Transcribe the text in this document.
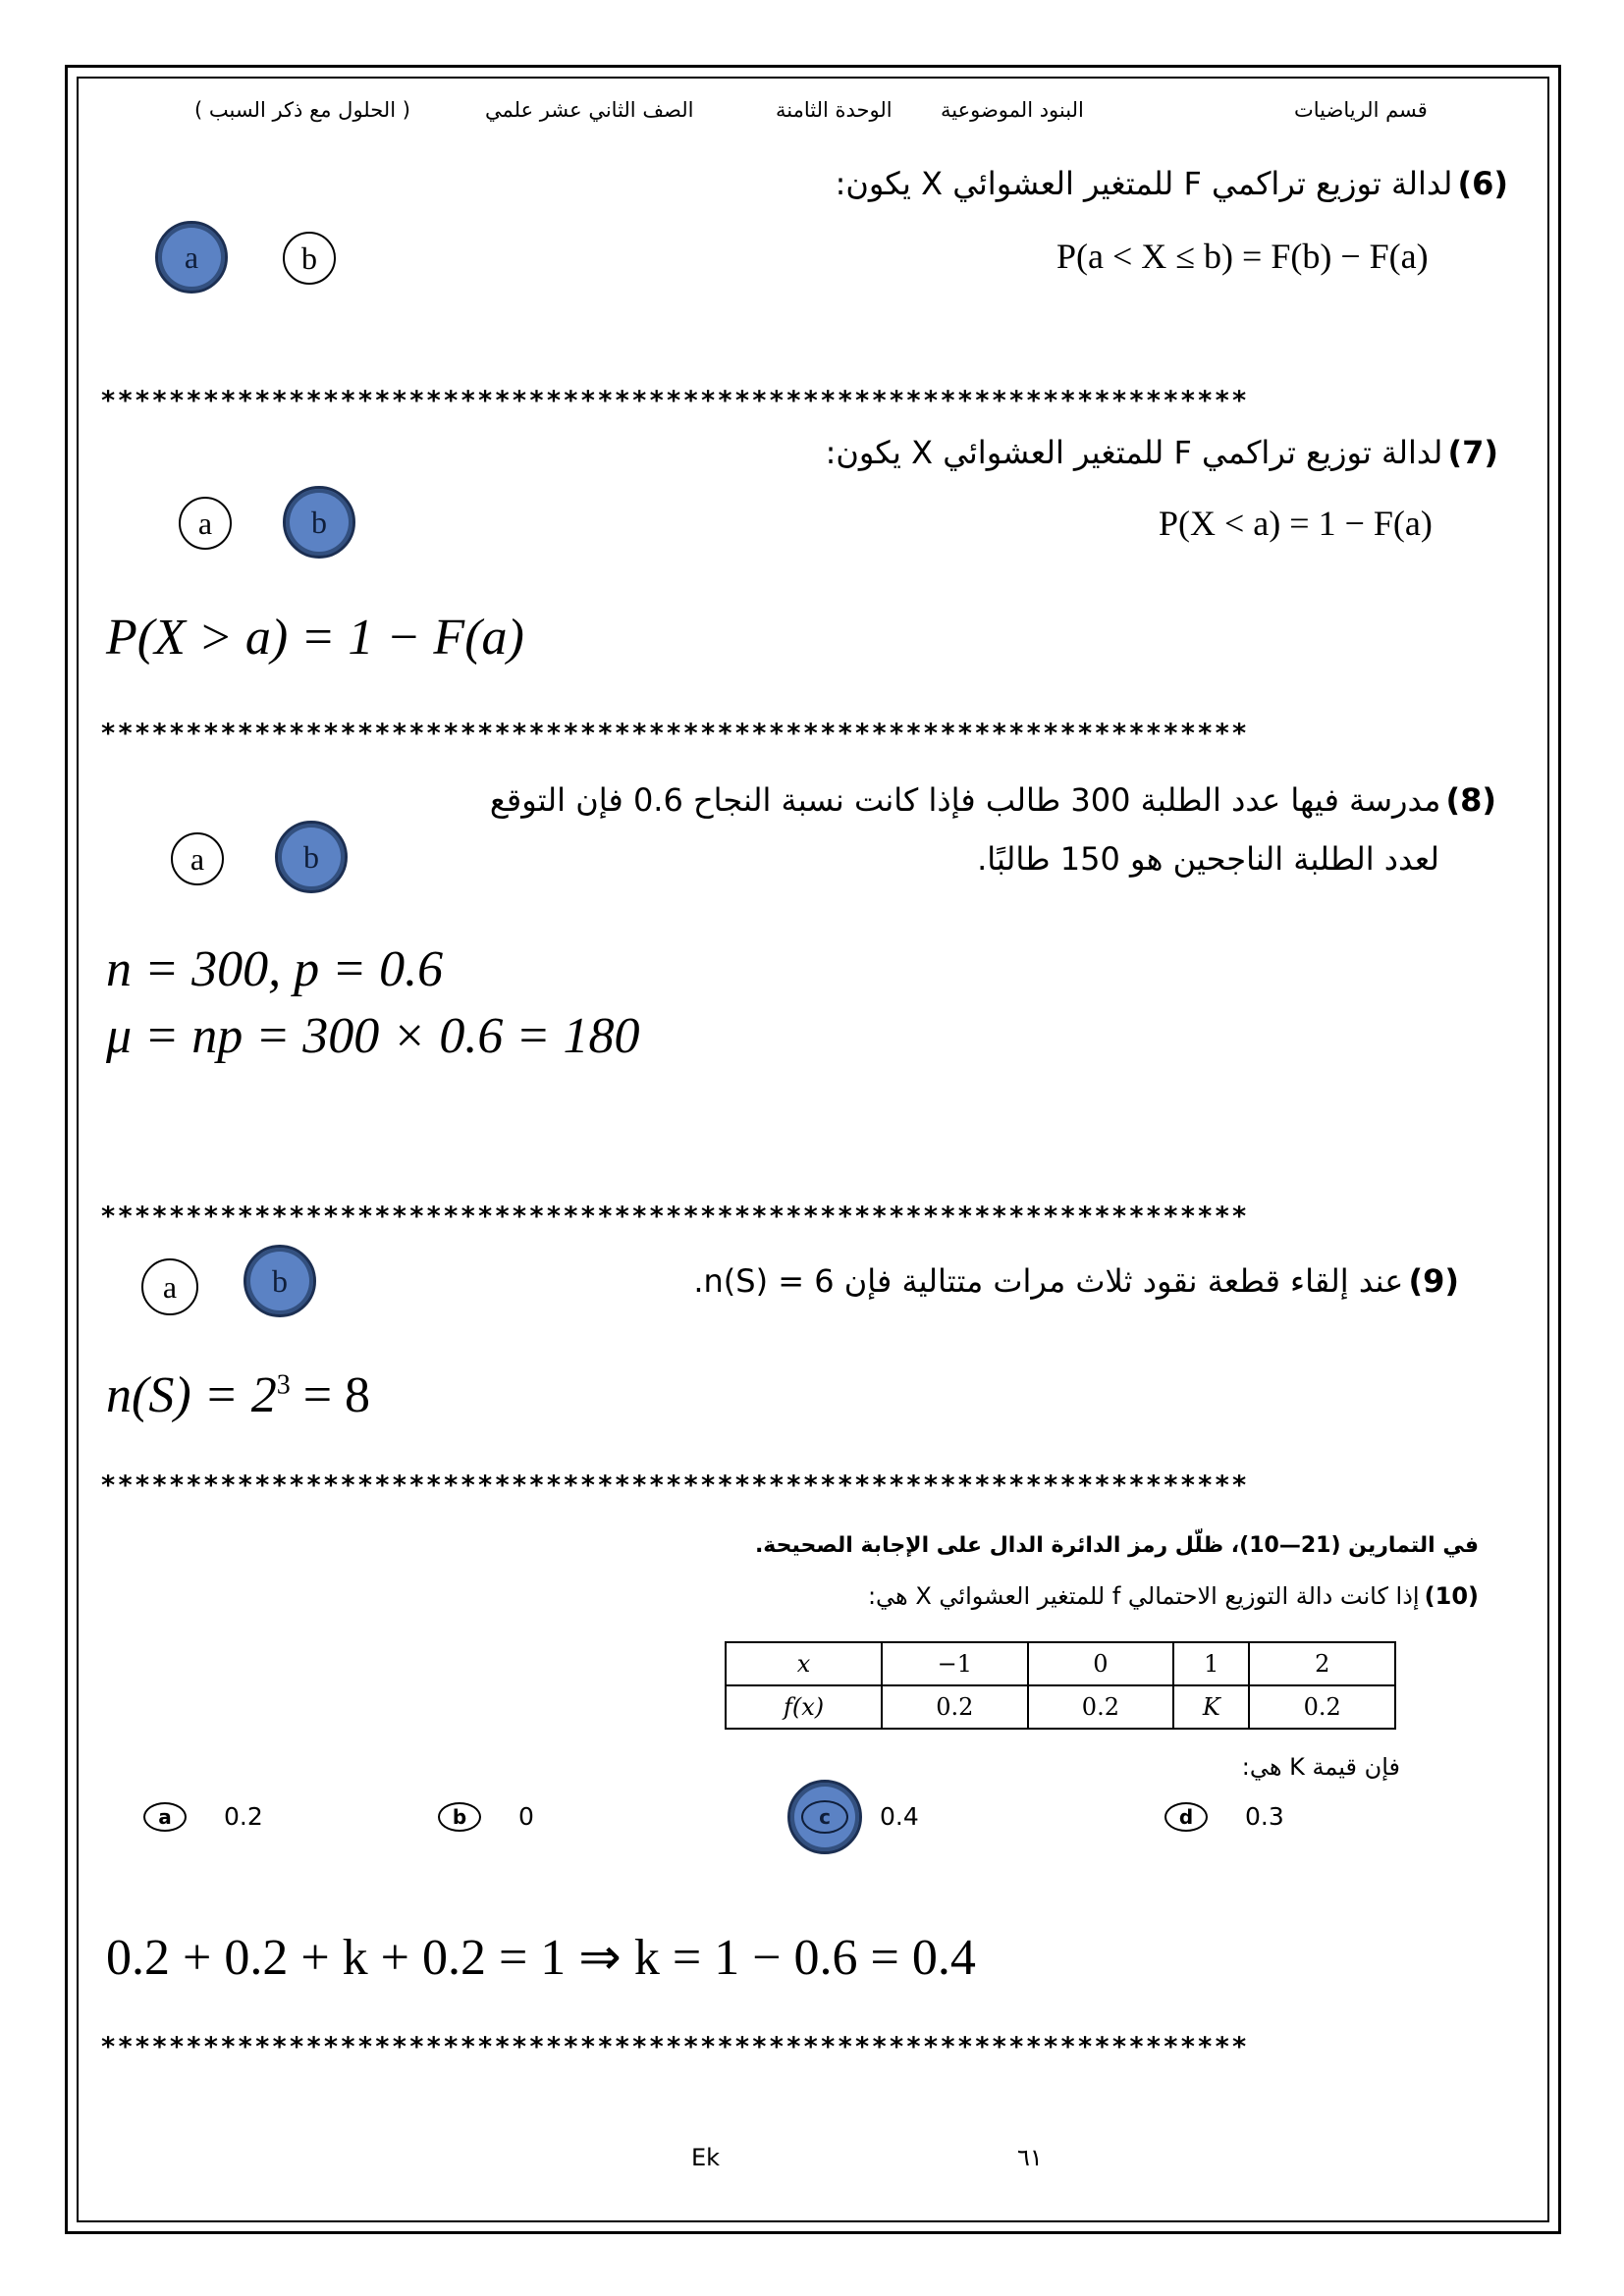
قسم الرياضيات
البنود الموضوعية
الوحدة الثامنة
الصف الثاني عشر علمي
( الحلول مع ذكر السبب )
(6) لدالة توزيع تراكمي F للمتغير العشوائي X يكون:
P(a < X ≤ b) = F(b) − F(a)
a	b
*******************************************************************
(7) لدالة توزيع تراكمي F للمتغير العشوائي X يكون:
P(X < a) = 1 − F(a)
a	b
P(X > a) = 1 − F(a)
*******************************************************************
(8) مدرسة فيها عدد الطلبة 300 طالب فإذا كانت نسبة النجاح 0.6 فإن التوقع
لعدد الطلبة الناجحين هو 150 طالبًا.
a	b
n = 300, p = 0.6
μ = np = 300 × 0.6 = 180
*******************************************************************
(9) عند إلقاء قطعة نقود ثلاث مرات متتالية فإن 6 = n(S).
a	b
$n(S) = 2^3 = 8$
*******************************************************************
في التمارين (21—10)، ظلّل رمز الدائرة الدال على الإجابة الصحيحة.
(10) إذا كانت دالة التوزيع الاحتمالي f للمتغير العشوائي X هي:
x	−1	0	1	2
f(x)	0.2	0.2	K	0.2
فإن قيمة K هي:
a 0.2	b 0	c 0.4	d 0.3
0.2 + 0.2 + k + 0.2 = 1 ⇒ k = 1 − 0.6 = 0.4
*******************************************************************
Ek	٦١
